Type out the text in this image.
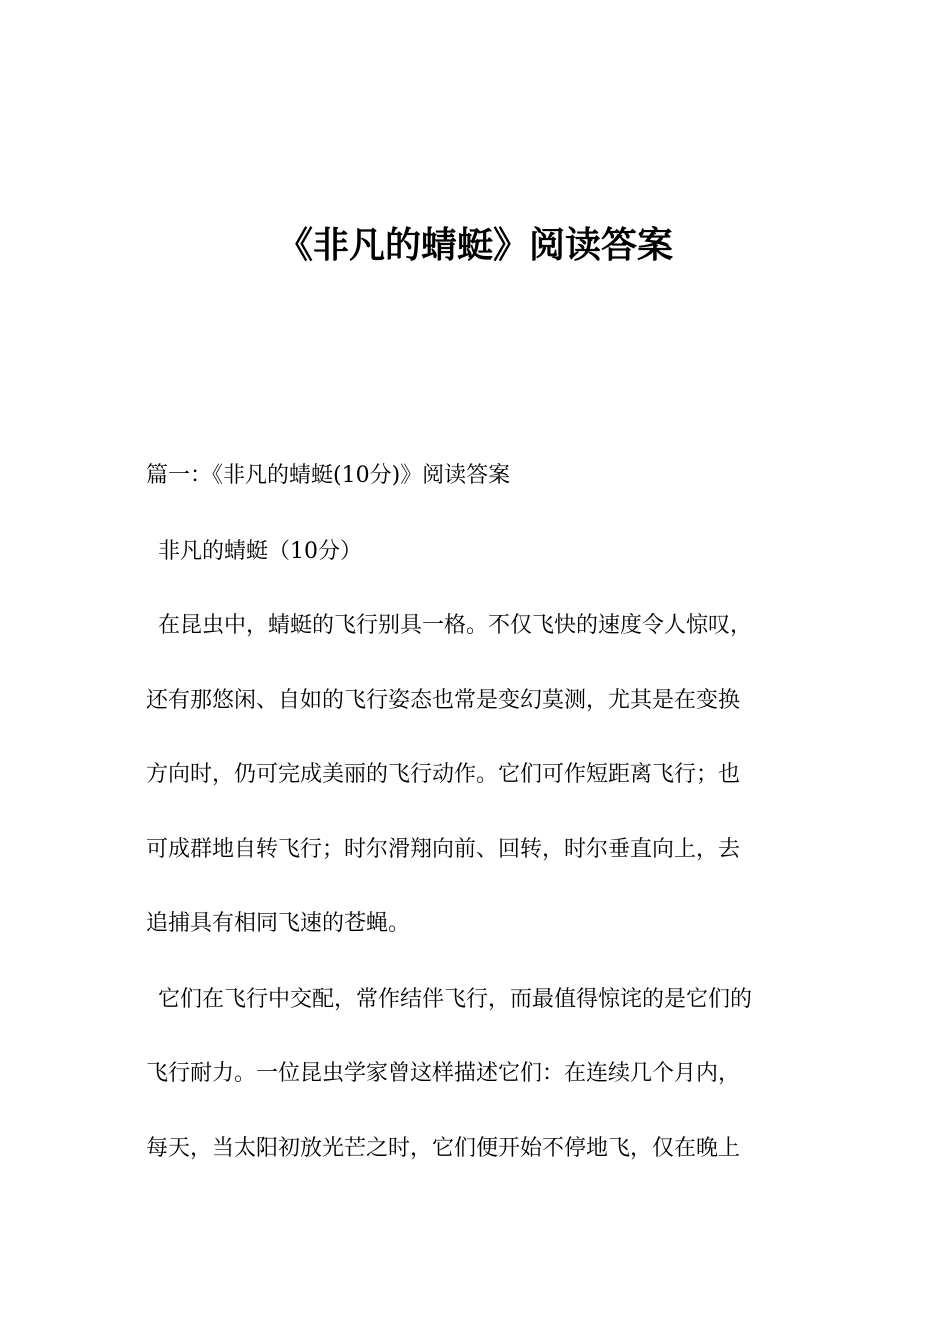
《非凡的蜻蜓》阅读答案

篇一：《非凡的蜻蜓(10分)》阅读答案

非凡的蜻蜓（10分）

在昆虫中，蜻蜓的飞行别具一格。不仅飞快的速度令人惊叹，

还有那悠闲、自如的飞行姿态也常是变幻莫测，尤其是在变换

方向时，仍可完成美丽的飞行动作。它们可作短距离飞行；也

可成群地自转飞行；时尔滑翔向前、回转，时尔垂直向上，去

追捕具有相同飞速的苍蝇。

它们在飞行中交配，常作结伴飞行，而最值得惊诧的是它们的

飞行耐力。一位昆虫学家曾这样描述它们：在连续几个月内，

每天，当太阳初放光芒之时，它们便开始不停地飞，仅在晚上
